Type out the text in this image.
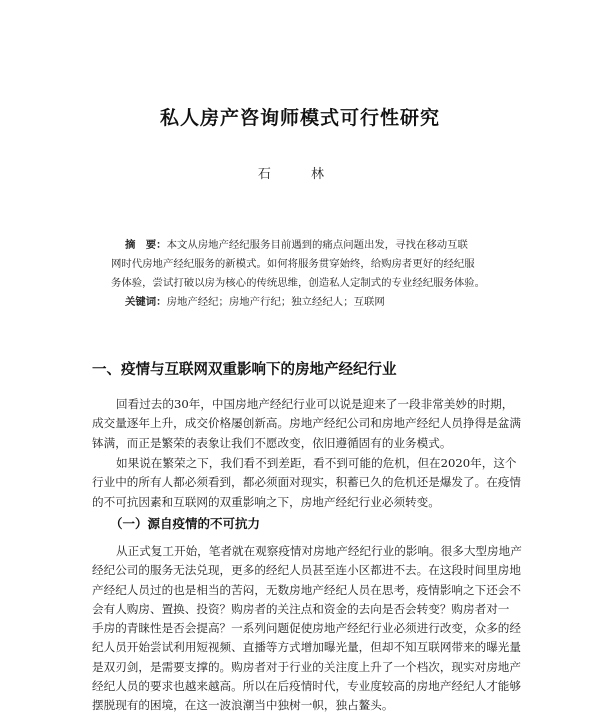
私人房产咨询师模式可行性研究
石 林
摘　要：本文从房地产经纪服务目前遇到的痛点问题出发，寻找在移动互联
网时代房地产经纪服务的新模式。如何将服务贯穿始终，给购房者更好的经纪服
务体验，尝试打破以房为核心的传统思维，创造私人定制式的专业经纪服务体验。
关键词：房地产经纪；房地产行纪；独立经纪人；互联网
一、疫情与互联网双重影响下的房地产经纪行业
回看过去的30年，中国房地产经纪行业可以说是迎来了一段非常美妙的时期，
成交量逐年上升，成交价格屡创新高。房地产经纪公司和房地产经纪人员挣得是盆满
钵满，而正是繁荣的表象让我们不愿改变，依旧遵循固有的业务模式。
如果说在繁荣之下，我们看不到差距，看不到可能的危机，但在2020年，这个
行业中的所有人都必须看到，都必须面对现实，积蓄已久的危机还是爆发了。在疫情
的不可抗因素和互联网的双重影响之下，房地产经纪行业必须转变。
（一）源自疫情的不可抗力
从正式复工开始，笔者就在观察疫情对房地产经纪行业的影响。很多大型房地产
经纪公司的服务无法兑现，更多的经纪人员甚至连小区都进不去。在这段时间里房地
产经纪人员过的也是相当的苦闷，无数房地产经纪人员在思考，疫情影响之下还会不
会有人购房、置换、投资？购房者的关注点和资金的去向是否会转变？购房者对一
手房的青睐性是否会提高？一系列问题促使房地产经纪行业必须进行改变，众多的经
纪人员开始尝试利用短视频、直播等方式增加曝光量，但却不知互联网带来的曝光量
是双刃剑，是需要支撑的。购房者对于行业的关注度上升了一个档次，现实对房地产
经纪人员的要求也越来越高。所以在后疫情时代，专业度较高的房地产经纪人才能够
摆脱现有的困境，在这一波浪潮当中独树一帜，独占鳌头。
